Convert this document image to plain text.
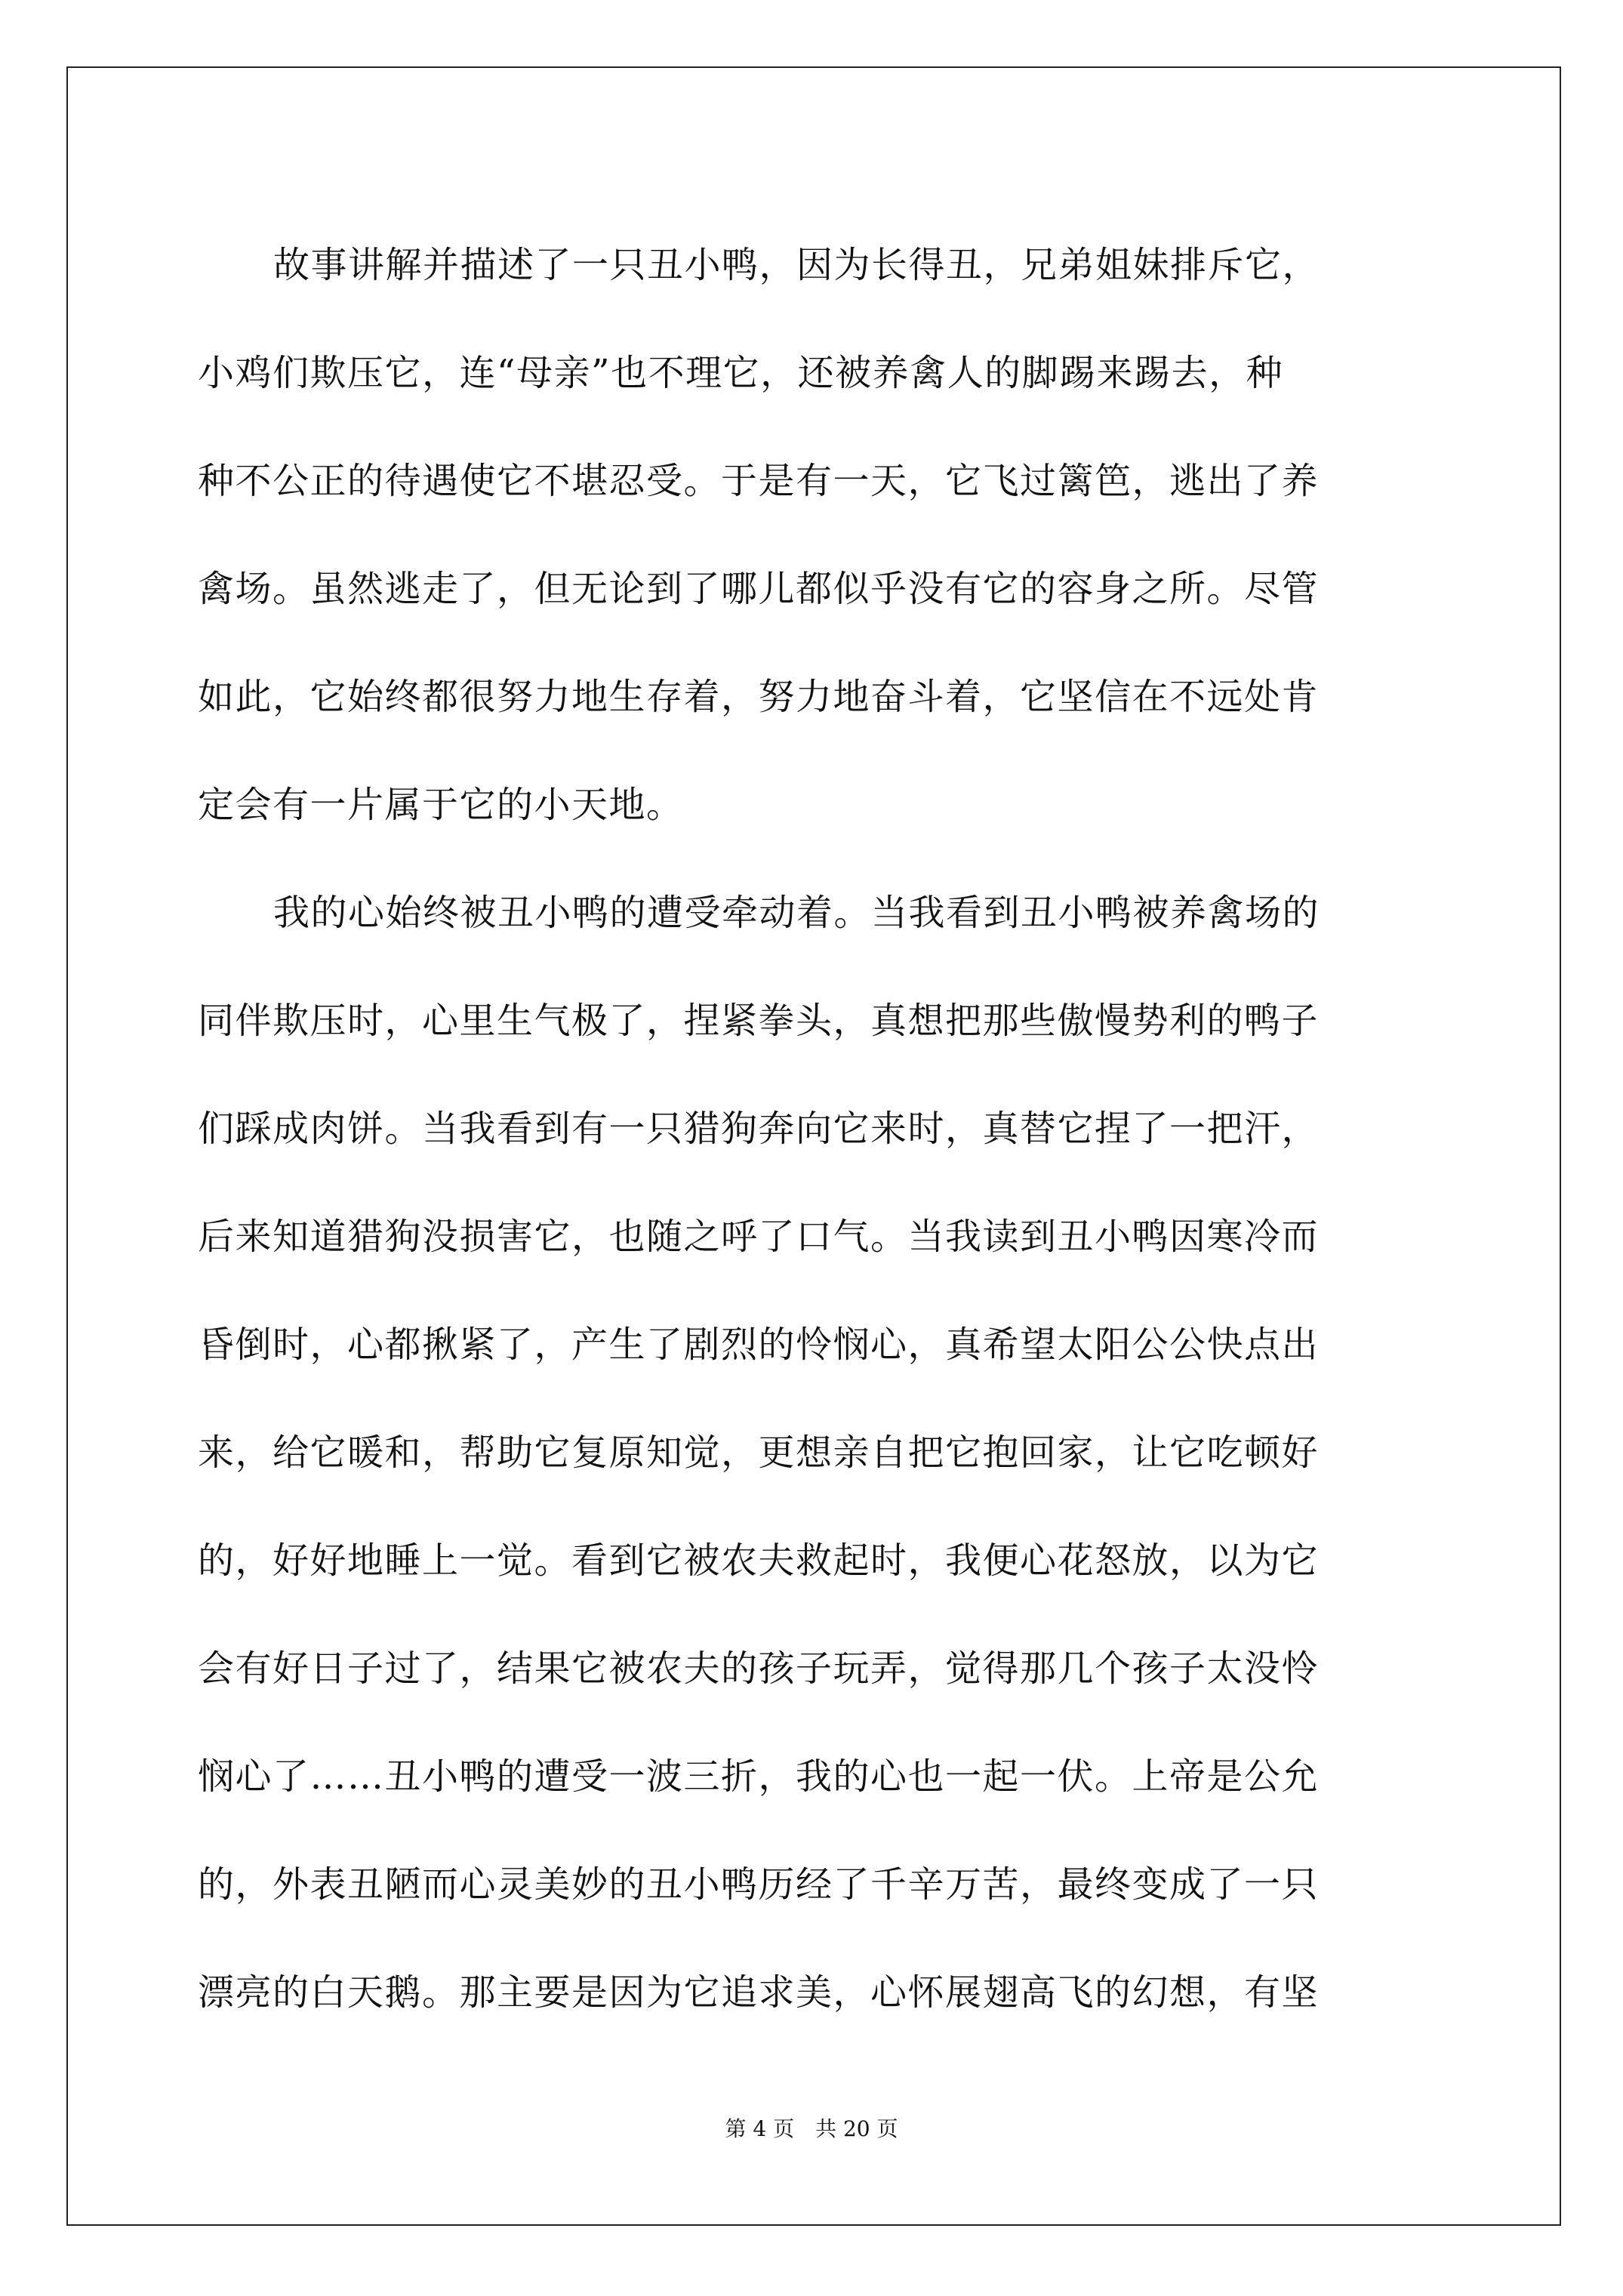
故事讲解并描述了一只丑小鸭，因为长得丑，兄弟姐妹排斥它，
小鸡们欺压它，连“母亲”也不理它，还被养禽人的脚踢来踢去，种
种不公正的待遇使它不堪忍受。于是有一天，它飞过篱笆，逃出了养
禽场。虽然逃走了，但无论到了哪儿都似乎没有它的容身之所。尽管
如此，它始终都很努力地生存着，努力地奋斗着，它坚信在不远处肯
定会有一片属于它的小天地。
我的心始终被丑小鸭的遭受牵动着。当我看到丑小鸭被养禽场的
同伴欺压时，心里生气极了，捏紧拳头，真想把那些傲慢势利的鸭子
们踩成肉饼。当我看到有一只猎狗奔向它来时，真替它捏了一把汗，
后来知道猎狗没损害它，也随之呼了口气。当我读到丑小鸭因寒冷而
昏倒时，心都揪紧了，产生了剧烈的怜悯心，真希望太阳公公快点出
来，给它暖和，帮助它复原知觉，更想亲自把它抱回家，让它吃顿好
的，好好地睡上一觉。看到它被农夫救起时，我便心花怒放，以为它
会有好日子过了，结果它被农夫的孩子玩弄，觉得那几个孩子太没怜
悯心了……丑小鸭的遭受一波三折，我的心也一起一伏。上帝是公允
的，外表丑陋而心灵美妙的丑小鸭历经了千辛万苦，最终变成了一只
漂亮的白天鹅。那主要是因为它追求美，心怀展翅高飞的幻想，有坚
第 4 页　共 20 页
